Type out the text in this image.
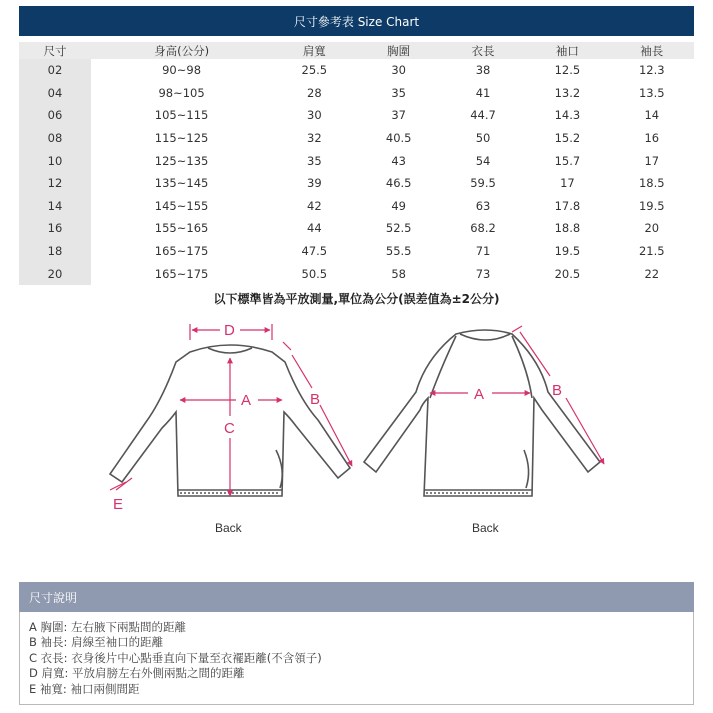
尺寸參考表 Size Chart
尺寸	身高(公分)	肩寬	胸圍	衣長	袖口	袖長
02	90~98	25.5	30	38	12.5	12.3
04	98~105	28	35	41	13.2	13.5
06	105~115	30	37	44.7	14.3	14
08	115~125	32	40.5	50	15.2	16
10	125~135	35	43	54	15.7	17
12	135~145	39	46.5	59.5	17	18.5
14	145~155	42	49	63	17.8	19.5
16	155~165	44	52.5	68.2	18.8	20
18	165~175	47.5	55.5	71	19.5	21.5
20	165~175	50.5	58	73	20.5	22
以下標準皆為平放測量,單位為公分(誤差值為±2公分)
D
A
C
B
E
Back
A	B
Back
尺寸說明
A 胸圍: 左右腋下兩點間的距離
B 袖長: 肩線至袖口的距離
C 衣長: 衣身後片中心點垂直向下量至衣襬距離(不含領子)
D 肩寬: 平放肩膀左右外側兩點之間的距離
E 袖寬: 袖口兩側間距
